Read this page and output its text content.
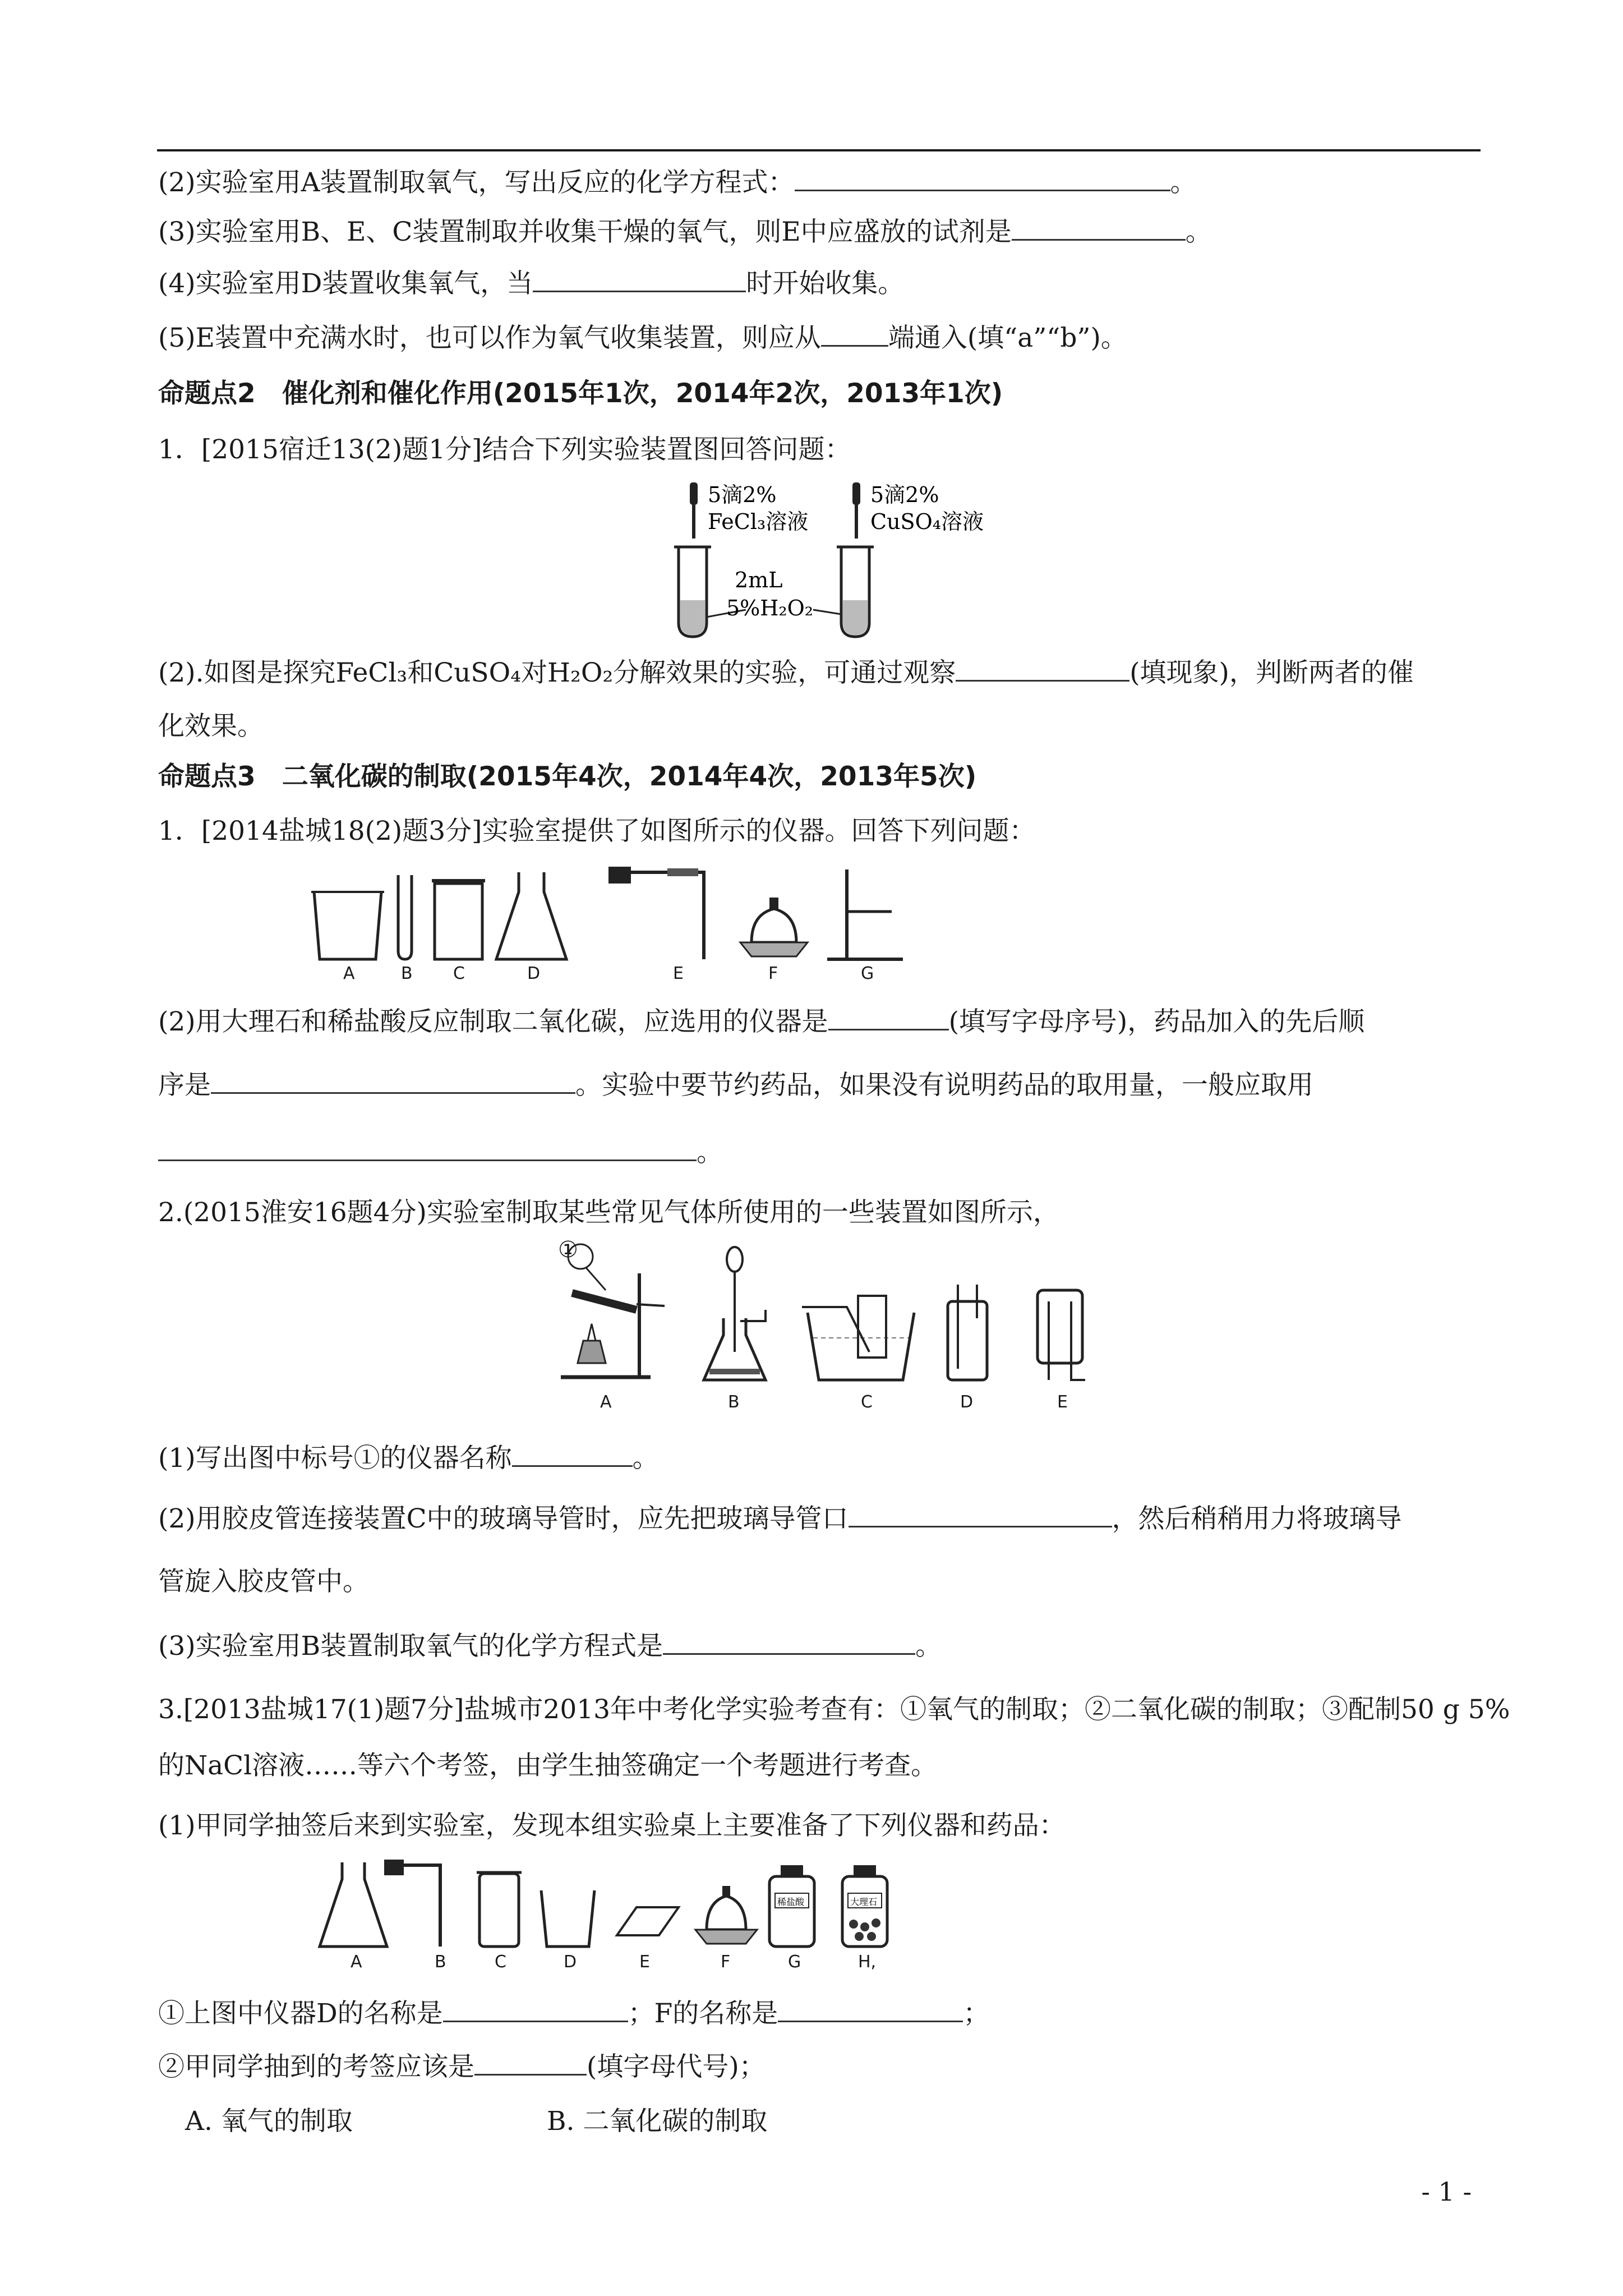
(2)实验室用A装置制取氧气，写出反应的化学方程式：	。
(3)实验室用B、E、C装置制取并收集干燥的氧气，则E中应盛放的试剂是	。
(4)实验室用D装置收集氧气，当	时开始收集。
(5)E装置中充满水时，也可以作为氧气收集装置，则应从	端通入(填“a”“b”)。
命题点2　催化剂和催化作用(2015年1次，2014年2次，2013年1次)
1．[2015宿迁13(2)题1分]结合下列实验装置图回答问题：
5滴2%
FeCl₃溶液
5滴2%
CuSO₄溶液
2mL
5%H₂O₂
(2).如图是探究FeCl₃和CuSO₄对H₂O₂分解效果的实验，可通过观察	(填现象)，判断两者的催
化效果。
命题点3　二氧化碳的制取(2015年4次，2014年4次，2013年5次)
1．[2014盐城18(2)题3分]实验室提供了如图所示的仪器。回答下列问题：
A	B C	D	E	F	G
(2)用大理石和稀盐酸反应制取二氧化碳，应选用的仪器是	(填写字母序号)，药品加入的先后顺
序是	。实验中要节约药品，如果没有说明药品的取用量，一般应取用
。
2.(2015淮安16题4分)实验室制取某些常见气体所使用的一些装置如图所示，
①
A	B	C	D	E
(1)写出图中标号①的仪器名称	。
(2)用胶皮管连接装置C中的玻璃导管时，应先把玻璃导管口	，然后稍稍用力将玻璃导
管旋入胶皮管中。
(3)实验室用B装置制取氧气的化学方程式是	。
3.[2013盐城17(1)题7分]盐城市2013年中考化学实验考查有：①氧气的制取；②二氧化碳的制取；③配制50 g 5%
的NaCl溶液……等六个考签，由学生抽签确定一个考题进行考查。
(1)甲同学抽签后来到实验室，发现本组实验桌上主要准备了下列仪器和药品：
稀盐酸	大理石
A	B	C	D	E	F	G	H,
①上图中仪器D的名称是	；F的名称是	；
②甲同学抽到的考签应该是	(填字母代号)；
A. 氧气的制取	B. 二氧化碳的制取
- 1 -
